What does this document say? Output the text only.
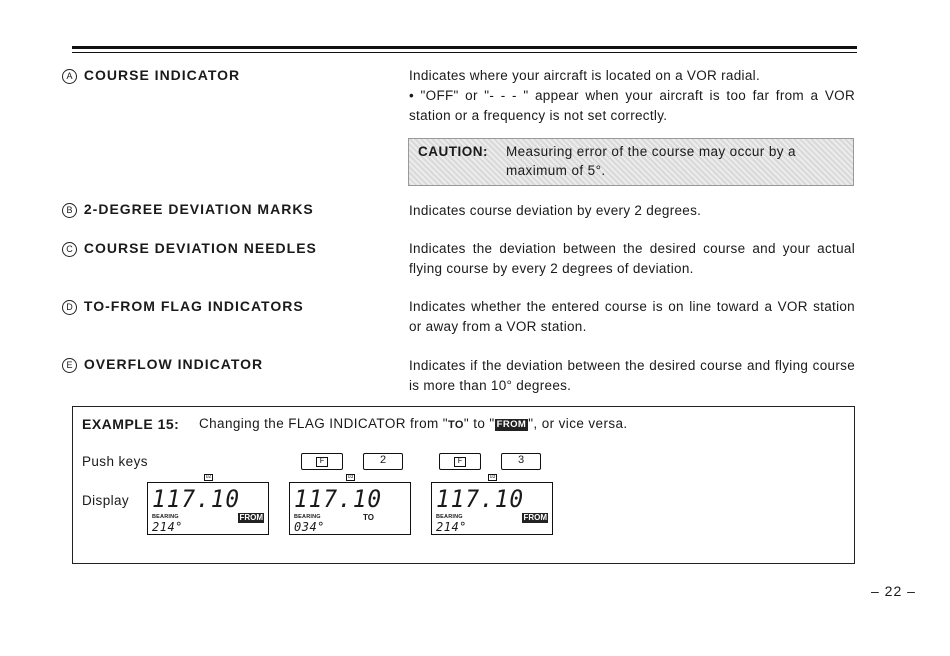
A COURSE INDICATOR	Indicates where your aircraft is located on a VOR radial.
• "OFF" or "- - - " appear when your aircraft is too far from a VOR station or a frequency is not set correctly.
CAUTION: Measuring error of the course may occur by a
maximum of 5°.
B 2-DEGREE DEVIATION MARKS	Indicates course deviation by every 2 degrees.
C COURSE DEVIATION NEEDLES	Indicates the deviation between the desired course and your actual flying course by every 2 degrees of deviation.
D TO-FROM FLAG INDICATORS	Indicates whether the entered course is on line toward a VOR station or away from a VOR station.
E OVERFLOW INDICATOR	Indicates if the deviation between the desired course and flying course is more than 10° degrees.
EXAMPLE 15: Changing the FLAG INDICATOR from "TO" to " FROM ", or vice versa.
Push keys
Display
F	2	F	3
02
117.10
BEARING
214°
FROM
03
117.10
BEARING
034°
TO
03
117.10
BEARING
214°
FROM
– 22 –
